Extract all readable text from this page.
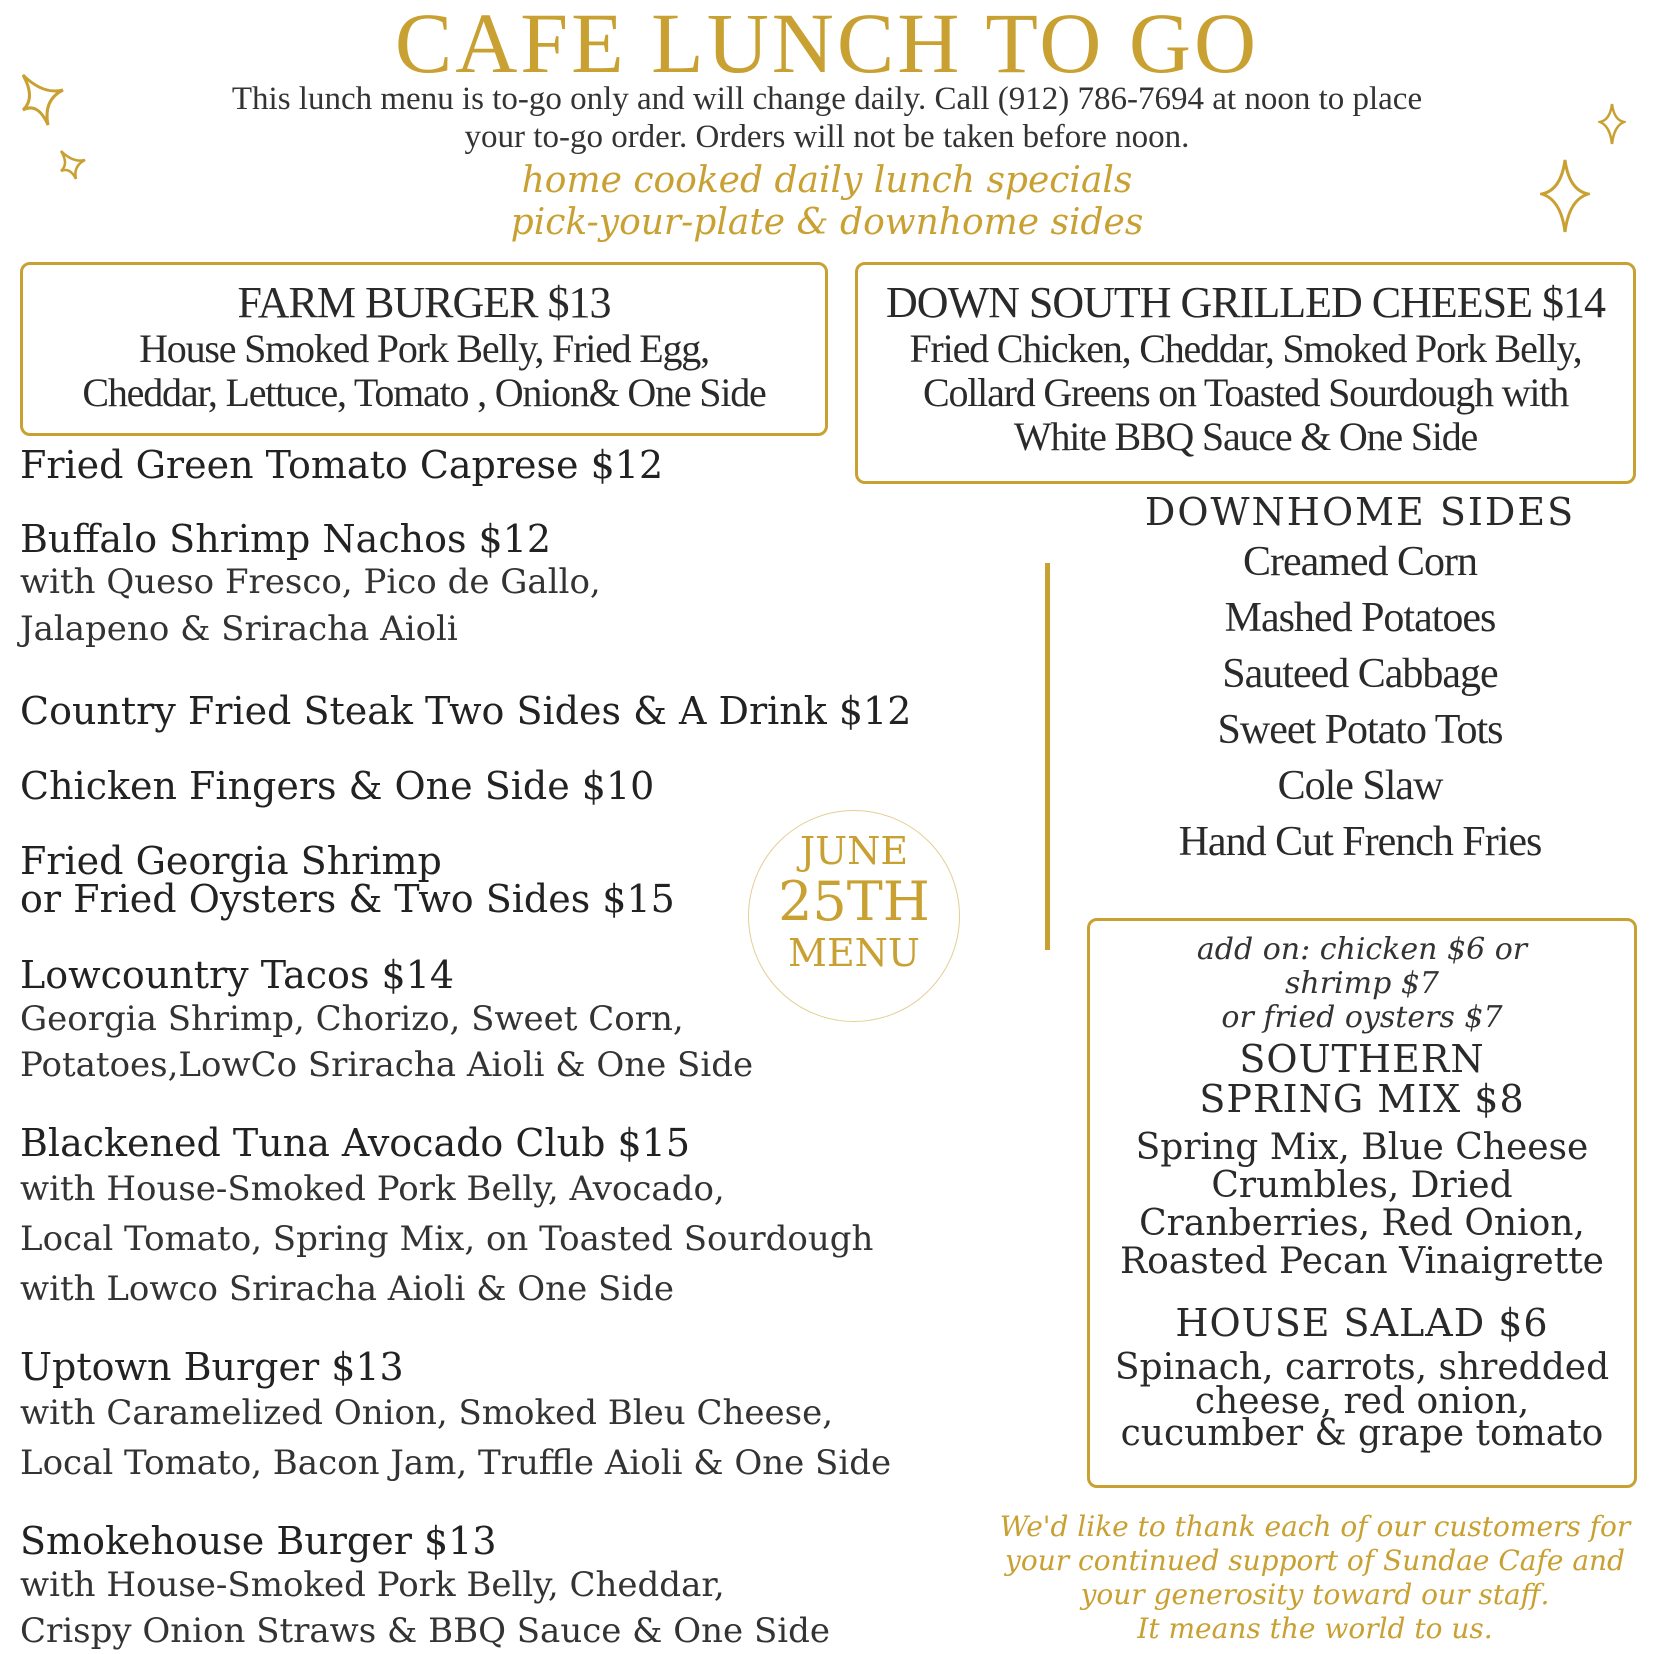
CAFE LUNCH TO GO
This lunch menu is to-go only and will change daily. Call (912) 786-7694 at noon to place
your to-go order. Orders will not be taken before noon.
home cooked daily lunch specials
pick-your-plate & downhome sides
FARM BURGER $13
House Smoked Pork Belly, Fried Egg,
Cheddar, Lettuce, Tomato , Onion& One Side
DOWN SOUTH GRILLED CHEESE $14
Fried Chicken, Cheddar, Smoked Pork Belly,
Collard Greens on Toasted Sourdough with
White BBQ Sauce & One Side
Fried Green Tomato Caprese $12
Buffalo Shrimp Nachos $12
with Queso Fresco, Pico de Gallo,
Jalapeno & Sriracha Aioli
Country Fried Steak Two Sides & A Drink $12
Chicken Fingers & One Side $10
Fried Georgia Shrimp
or Fried Oysters & Two Sides $15
Lowcountry Tacos $14
Georgia Shrimp, Chorizo, Sweet Corn,
Potatoes,LowCo Sriracha Aioli & One Side
Blackened Tuna Avocado Club $15
with House-Smoked Pork Belly, Avocado,
Local Tomato, Spring Mix, on Toasted Sourdough
with Lowco Sriracha Aioli & One Side
Uptown Burger $13
with Caramelized Onion, Smoked Bleu Cheese,
Local Tomato, Bacon Jam, Truffle Aioli & One Side
Smokehouse Burger $13
with House-Smoked Pork Belly, Cheddar,
Crispy Onion Straws & BBQ Sauce & One Side
JUNE
25TH
MENU
DOWNHOME SIDES
Creamed Corn
Mashed Potatoes
Sauteed Cabbage
Sweet Potato Tots
Cole Slaw
Hand Cut French Fries
add on: chicken $6 or
shrimp $7
or fried oysters $7
SOUTHERN
SPRING MIX $8
Spring Mix, Blue Cheese
Crumbles, Dried
Cranberries, Red Onion,
Roasted Pecan Vinaigrette
HOUSE SALAD $6
Spinach, carrots, shredded
cheese, red onion,
cucumber & grape tomato
We'd like to thank each of our customers for
your continued support of Sundae Cafe and
your generosity toward our staff.
It means the world to us.
